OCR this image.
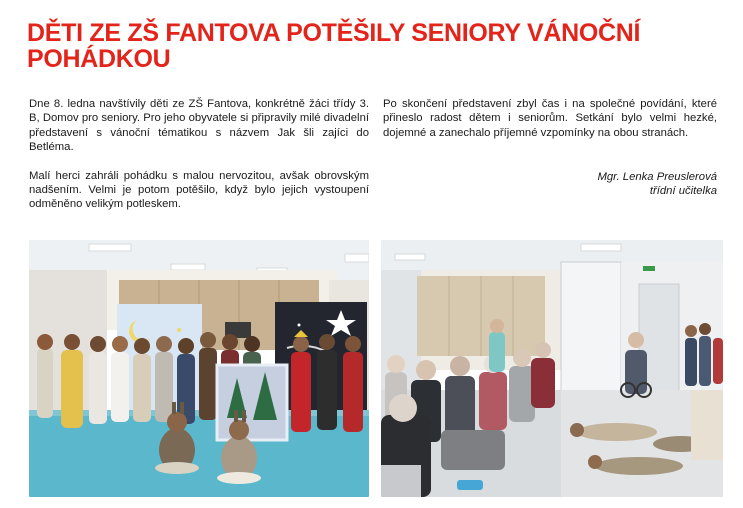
DĚTI ZE ZŠ FANTOVA POTĚŠILY SENIORY VÁNOČNÍ POHÁDKOU

Dne 8. ledna navštívily děti ze ZŠ Fantova, konkrétně žáci třídy 3. B, Domov pro seniory. Pro jeho obyvatele si připravily milé divadelní představení s vánoční tématikou s názvem Jak šli zajíci do Betléma.

Malí herci zahráli pohádku s malou nervozitou, avšak obrovským nadšením. Velmi je potom potěšilo, když bylo jejich vystoupení odměněno velikým potleskem.

Po skončení představení zbyl čas i na společné povídání, které přineslo radost dětem i seniorům. Setkání bylo velmi hezké, dojemné a zanechalo příjemné vzpomínky na obou stranách.

Mgr. Lenka Preuslerová
třídní učitelka
